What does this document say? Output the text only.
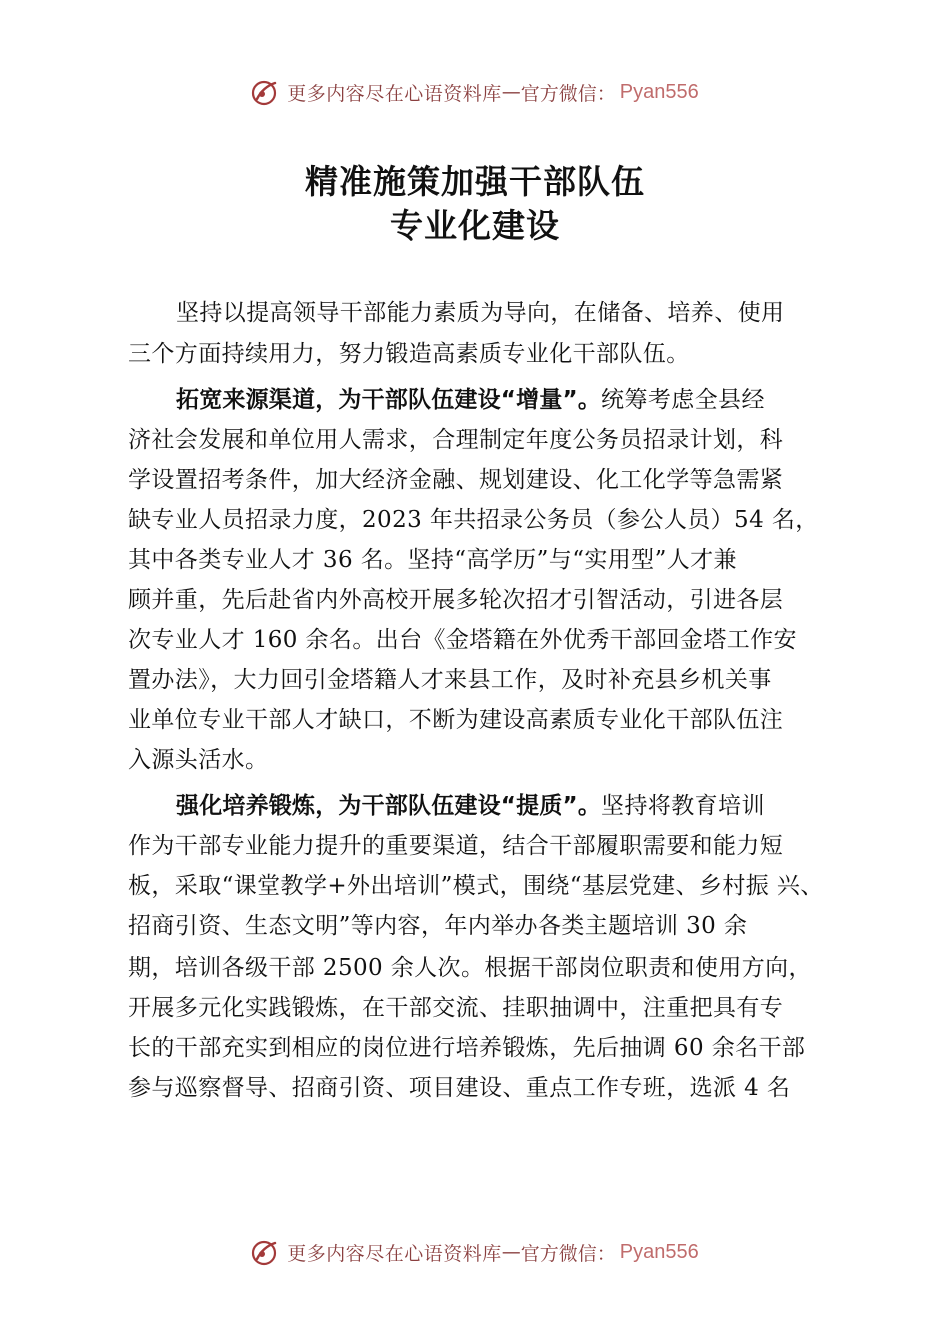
更多内容尽在心语资料库 — 官方微信： Pyan556
精准施策加强干部队伍
专业化建设
坚持以提高领导干部能力素质为导向，在储备、培养、使用
三个方面持续用力，努力锻造高素质专业化干部队伍。
拓宽来源渠道，为干部队伍建设“增量”。统筹考虑全县经
济社会发展和单位用人需求，合理制定年度公务员招录计划，科
学设置招考条件，加大经济金融、规划建设、化工化学等急需紧
缺专业人员招录力度，2023 年共招录公务员（参公人员）54 名，
其中各类专业人才 36 名。坚持“高学历”与“实用型”人才兼
顾并重，先后赴省内外高校开展多轮次招才引智活动，引进各层
次专业人才 160 余名。出台《金塔籍在外优秀干部回金塔工作安
置办法》，大力回引金塔籍人才来县工作，及时补充县乡机关事
业单位专业干部人才缺口，不断为建设高素质专业化干部队伍注
入源头活水。
强化培养锻炼，为干部队伍建设“提质”。坚持将教育培训
作为干部专业能力提升的重要渠道，结合干部履职需要和能力短
板，采取“课堂教学+外出培训”模式，围绕“基层党建、乡村振 兴、
招商引资、生态文明”等内容，年内举办各类主题培训 30 余
期，培训各级干部 2500 余人次。根据干部岗位职责和使用方向，
开展多元化实践锻炼，在干部交流、挂职抽调中，注重把具有专
长的干部充实到相应的岗位进行培养锻炼，先后抽调 60 余名干部
参与巡察督导、招商引资、项目建设、重点工作专班，选派 4 名
更多内容尽在心语资料库 — 官方微信： Pyan556
